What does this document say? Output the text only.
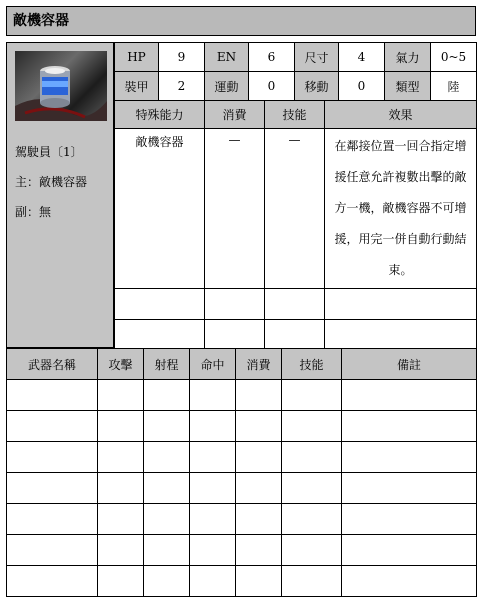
敵機容器
駕駛員〔1〕
主：敵機容器
副：無
HP	9	EN	6	尺寸	4	氣力	0~5
裝甲	2	運動	0	移動	0	類型	陸
特殊能力	消費	技能	效果
敵機容器	—	—	在鄰接位置一回合指定增援任意允許複數出擊的敵方一機，敵機容器不可增援，用完一併自動行動結束。

武器名稱	攻擊	射程	命中	消費	技能	備註
